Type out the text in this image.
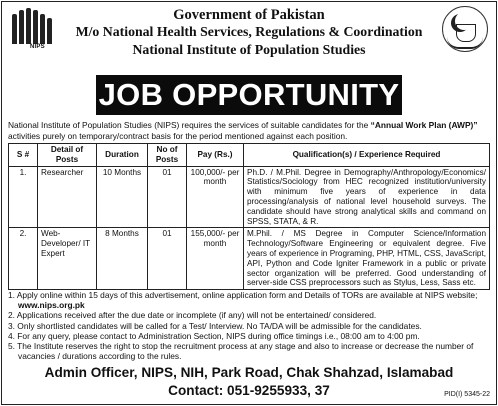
NIPS
Government of Pakistan
M/o National Health Services, Regulations & Coordination
National Institute of Population Studies
JOB OPPORTUNITY
National Institute of Population Studies (NIPS) requires the services of suitable candidates for the “Annual Work Plan (AWP)” activities purely on temporary/contract basis for the period mentioned against each position.
S #	Detail of Posts	Duration	No of Posts	Pay (Rs.)	Qualification(s) / Experience Required
1.	Researcher	10 Months	01	100,000/- per month	Ph.D. / M.Phil. Degree in Demography/Anthropology/Economics/ Statistics/Sociology from HEC recognized institution/university with minimum five years of experience in data processing/analysis of national level household surveys. The candidate should have strong analytical skills and command on SPSS, STATA, & R.
2.	Web-Developer/ IT Expert	8 Months	01	155,000/- per month	M.Phil. / MS Degree in Computer Science/Information Technology/Software Engineering or equivalent degree. Five years of experience in Programing, PHP, HTML, CSS, JavaScript, API, Python and Code Igniter Framework in a public or private sector organization will be preferred. Good understanding of server-side CSS preprocessors such as Stylus, Less, Sass etc.
1. Apply online within 15 days of this advertisement, online application form and Details of TORs are available at NIPS website; www.nips.org.pk
2. Applications received after the due date or incomplete (if any) will not be entertained/ considered.
3. Only shortlisted candidates will be called for a Test/ Interview. No TA/DA will be admissible for the candidates.
4. For any query, please contact to Administration Section, NIPS during office timings i.e., 08:00 am to 4:00 pm.
5. The Institute reserves the right to stop the recruitment process at any stage and also to increase or decrease the number of vacancies / durations according to the rules.
Admin Officer, NIPS, NIH, Park Road, Chak Shahzad, Islamabad
Contact: 051-9255933, 37	PID(I) 5345-22
